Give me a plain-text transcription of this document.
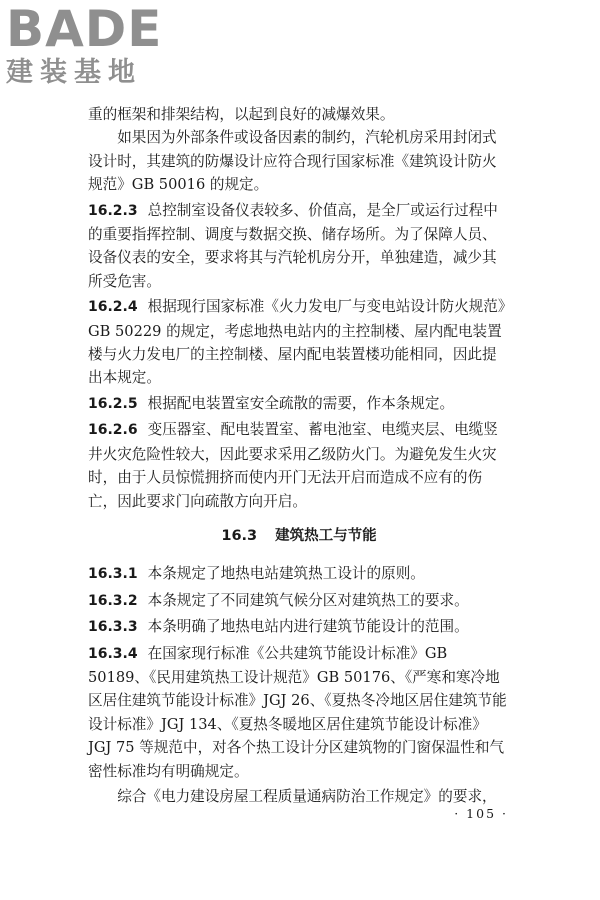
BADE
建装基地

重的框架和排架结构，以起到良好的减爆效果。

如果因为外部条件或设备因素的制约，汽轮机房采用封闭式设计时，其建筑的防爆设计应符合现行国家标准《建筑设计防火规范》GB 50016 的规定。

16.2.3 总控制室设备仪表较多、价值高，是全厂或运行过程中的重要指挥控制、调度与数据交换、储存场所。为了保障人员、设备仪表的安全，要求将其与汽轮机房分开，单独建造，减少其所受危害。

16.2.4 根据现行国家标准《火力发电厂与变电站设计防火规范》GB 50229 的规定，考虑地热电站内的主控制楼、屋内配电装置楼与火力发电厂的主控制楼、屋内配电装置楼功能相同，因此提出本规定。

16.2.5 根据配电装置室安全疏散的需要，作本条规定。

16.2.6 变压器室、配电装置室、蓄电池室、电缆夹层、电缆竖井火灾危险性较大，因此要求采用乙级防火门。为避免发生火灾时，由于人员惊慌拥挤而使内开门无法开启而造成不应有的伤亡，因此要求门向疏散方向开启。

16.3 建筑热工与节能

16.3.1 本条规定了地热电站建筑热工设计的原则。

16.3.2 本条规定了不同建筑气候分区对建筑热工的要求。

16.3.3 本条明确了地热电站内进行建筑节能设计的范围。

16.3.4 在国家现行标准《公共建筑节能设计标准》GB 50189、《民用建筑热工设计规范》GB 50176、《严寒和寒冷地区居住建筑节能设计标准》JGJ 26、《夏热冬冷地区居住建筑节能设计标准》JGJ 134、《夏热冬暖地区居住建筑节能设计标准》JGJ 75 等规范中，对各个热工设计分区建筑物的门窗保温性和气密性标准均有明确规定。

综合《电力建设房屋工程质量通病防治工作规定》的要求，

· 105 ·
